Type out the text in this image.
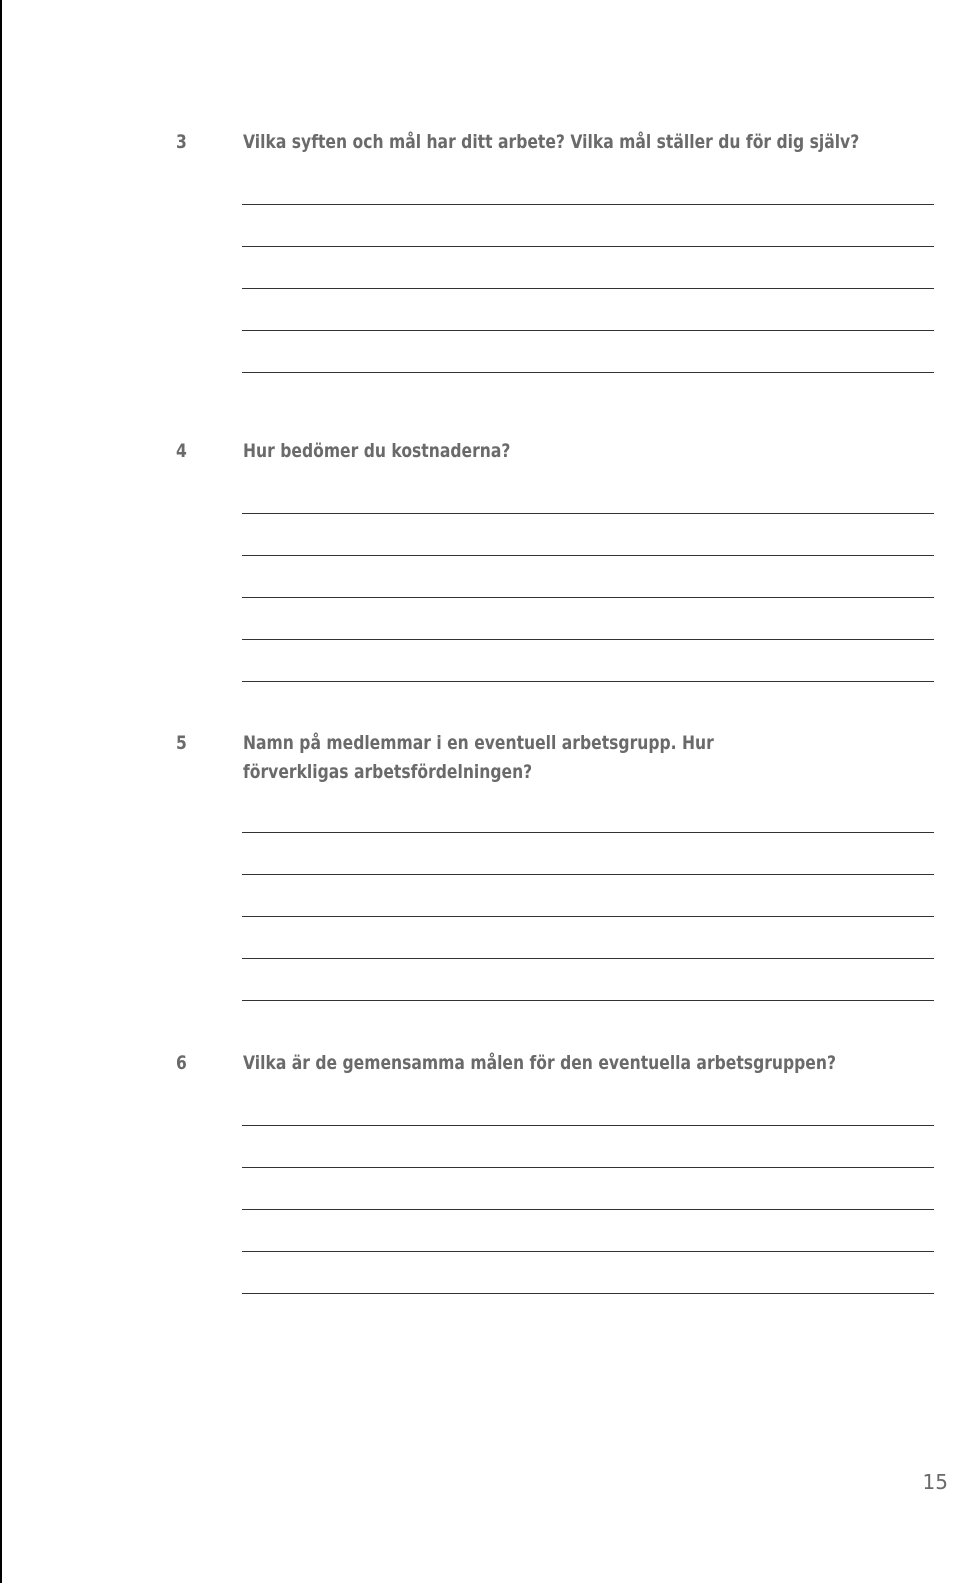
3	Vilka syften och mål har ditt arbete? Vilka mål ställer du för dig själv?
4	Hur bedömer du kostnaderna?
5	Namn på medlemmar i en eventuell arbetsgrupp. Hur förverkligas arbetsfördelningen?
6	Vilka är de gemensamma målen för den eventuella arbetsgruppen?
15
